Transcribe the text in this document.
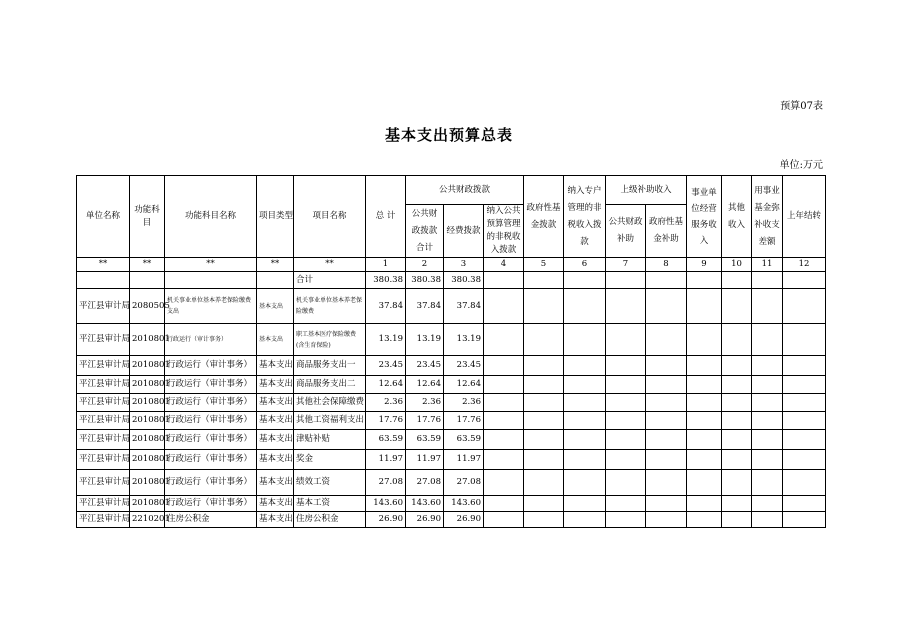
预算07表
基本支出预算总表
单位:万元
单位名称	功能科目	功能科目名称	项目类型	项目名称	总 计	公共财政拨款			政府性基金拨款	纳入专户管理的非税收入拨款	上级补助收入		事业单位经营服务收入	其他收入	用事业基金弥补收支差额	上年结转
						公共财政拨款合计	经费拨款	纳入公共预算管理的非税收入拨款			公共财政补助	政府性基金补助				
**	**	**	**	**	1	2	3	4	5	6	7	8	9	10	11	12
				合计	380.38	380.38	380.38									
平江县审计局	2080505	机关事业单位基本养老保险缴费支出	基本支出	机关事业单位基本养老保险缴费	37.84	37.84	37.84									
平江县审计局	2010801	行政运行（审计事务）	基本支出	职工基本医疗保险缴费(含生育保险)	13.19	13.19	13.19									
平江县审计局	2010801	行政运行（审计事务）	基本支出	商品服务支出一	23.45	23.45	23.45									
平江县审计局	2010801	行政运行（审计事务）	基本支出	商品服务支出二	12.64	12.64	12.64									
平江县审计局	2010801	行政运行（审计事务）	基本支出	其他社会保障缴费	2.36	2.36	2.36									
平江县审计局	2010801	行政运行（审计事务）	基本支出	其他工资福利支出	17.76	17.76	17.76									
平江县审计局	2010801	行政运行（审计事务）	基本支出	津贴补贴	63.59	63.59	63.59									
平江县审计局	2010801	行政运行（审计事务）	基本支出	奖金	11.97	11.97	11.97									
平江县审计局	2010801	行政运行（审计事务）	基本支出	绩效工资	27.08	27.08	27.08									
平江县审计局	2010801	行政运行（审计事务）	基本支出	基本工资	143.60	143.60	143.60									
平江县审计局	2210201	住房公积金	基本支出	住房公积金	26.90	26.90	26.90									
